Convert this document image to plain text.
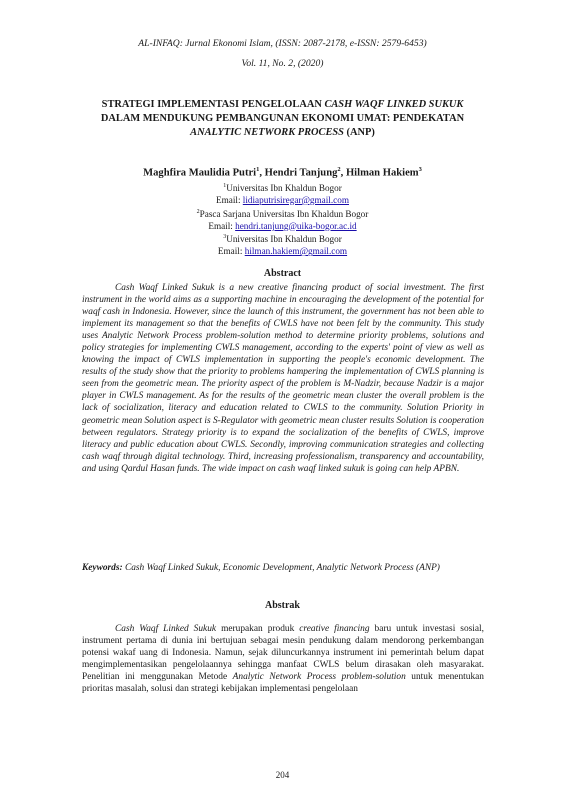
AL-INFAQ: Jurnal Ekonomi Islam, (ISSN: 2087-2178, e-ISSN: 2579-6453)
Vol. 11, No. 2, (2020)
STRATEGI IMPLEMENTASI PENGELOLAAN CASH WAQF LINKED SUKUK
DALAM MENDUKUNG PEMBANGUNAN EKONOMI UMAT: PENDEKATAN
ANALYTIC NETWORK PROCESS (ANP)
Maghfira Maulidia Putri$^1$, Hendri Tanjung$^2$, Hilman Hakiem$^3$
$^1$Universitas Ibn Khaldun Bogor
Email: lidiaputrisiregar@gmail.com
$^2$Pasca Sarjana Universitas Ibn Khaldun Bogor
Email: hendri.tanjung@uika-bogor.ac.id
$^3$Universitas Ibn Khaldun Bogor
Email: hilman.hakiem@gmail.com
Abstract
Cash Waqf Linked Sukuk is a new creative financing product of social investment. The first instrument in the world aims as a supporting machine in encouraging the development of the potential for waqf cash in Indonesia. However, since the launch of this instrument, the government has not been able to implement its management so that the benefits of CWLS have not been felt by the community. This study uses Analytic Network Process problem-solution method to determine priority problems, solutions and policy strategies for implementing CWLS management, according to the experts' point of view as well as knowing the impact of CWLS implementation in supporting the people's economic development. The results of the study show that the priority to problems hampering the implementation of CWLS planning is seen from the geometric mean. The priority aspect of the problem is M-Nadzir, because Nadzir is a major player in CWLS management. As for the results of the geometric mean cluster the overall problem is the lack of socialization, literacy and education related to CWLS to the community. Solution Priority in geometric mean Solution aspect is S-Regulator with geometric mean cluster results Solution is cooperation between regulators. Strategy priority is to expand the socialization of the benefits of CWLS, improve literacy and public education about CWLS. Secondly, improving communication strategies and collecting cash waqf through digital technology. Third, increasing professionalism, transparency and accountability, and using Qardul Hasan funds. The wide impact on cash waqf linked sukuk is going can help APBN.
Keywords: Cash Waqf Linked Sukuk, Economic Development, Analytic Network Process (ANP)
Abstrak
Cash Waqf Linked Sukuk merupakan produk creative financing baru untuk investasi sosial, instrument pertama di dunia ini bertujuan sebagai mesin pendukung dalam mendorong perkembangan potensi wakaf uang di Indonesia. Namun, sejak diluncurkannya instrument ini pemerintah belum dapat mengimplementasikan pengelolaannya sehingga manfaat CWLS belum dirasakan oleh masyarakat. Penelitian ini menggunakan Metode Analytic Network Process problem-solution untuk menentukan prioritas masalah, solusi dan strategi kebijakan implementasi pengelolaan
204
